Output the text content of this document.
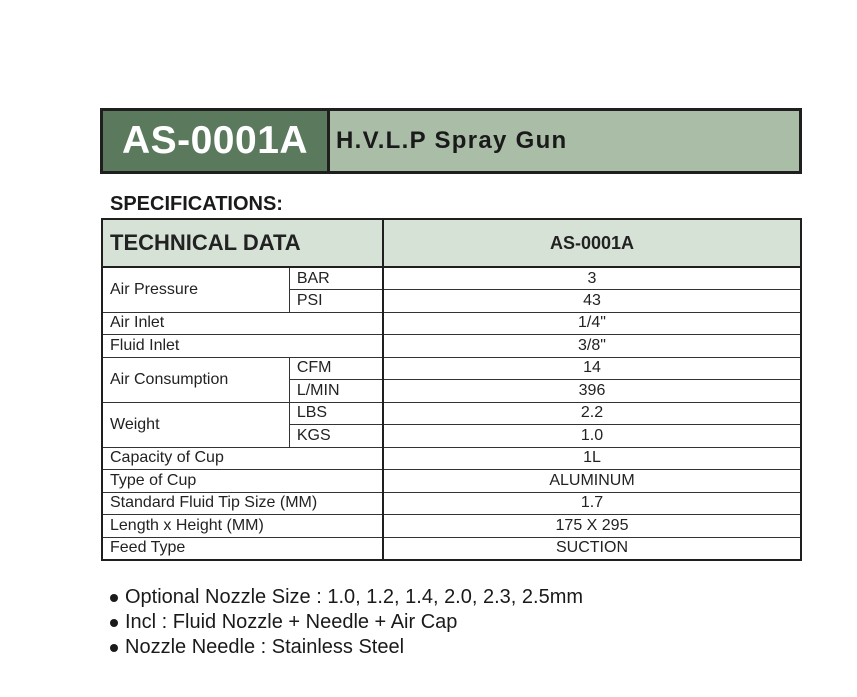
AS-0001A	H.V.L.P Spray Gun
SPECIFICATIONS:
TECHNICAL DATA		AS-0001A
Air Pressure	BAR	3
	PSI	43
Air Inlet		1/4"
Fluid Inlet		3/8"
Air Consumption	CFM	14
	L/MIN	396
Weight	LBS	2.2
	KGS	1.0
Capacity of Cup		1L
Type of Cup		ALUMINUM
Standard Fluid Tip Size (MM)		1.7
Length x Height (MM)		175 X 295
Feed Type		SUCTION
Optional Nozzle Size : 1.0, 1.2, 1.4, 2.0, 2.3, 2.5mm
Incl : Fluid Nozzle + Needle + Air Cap
Nozzle Needle : Stainless Steel
